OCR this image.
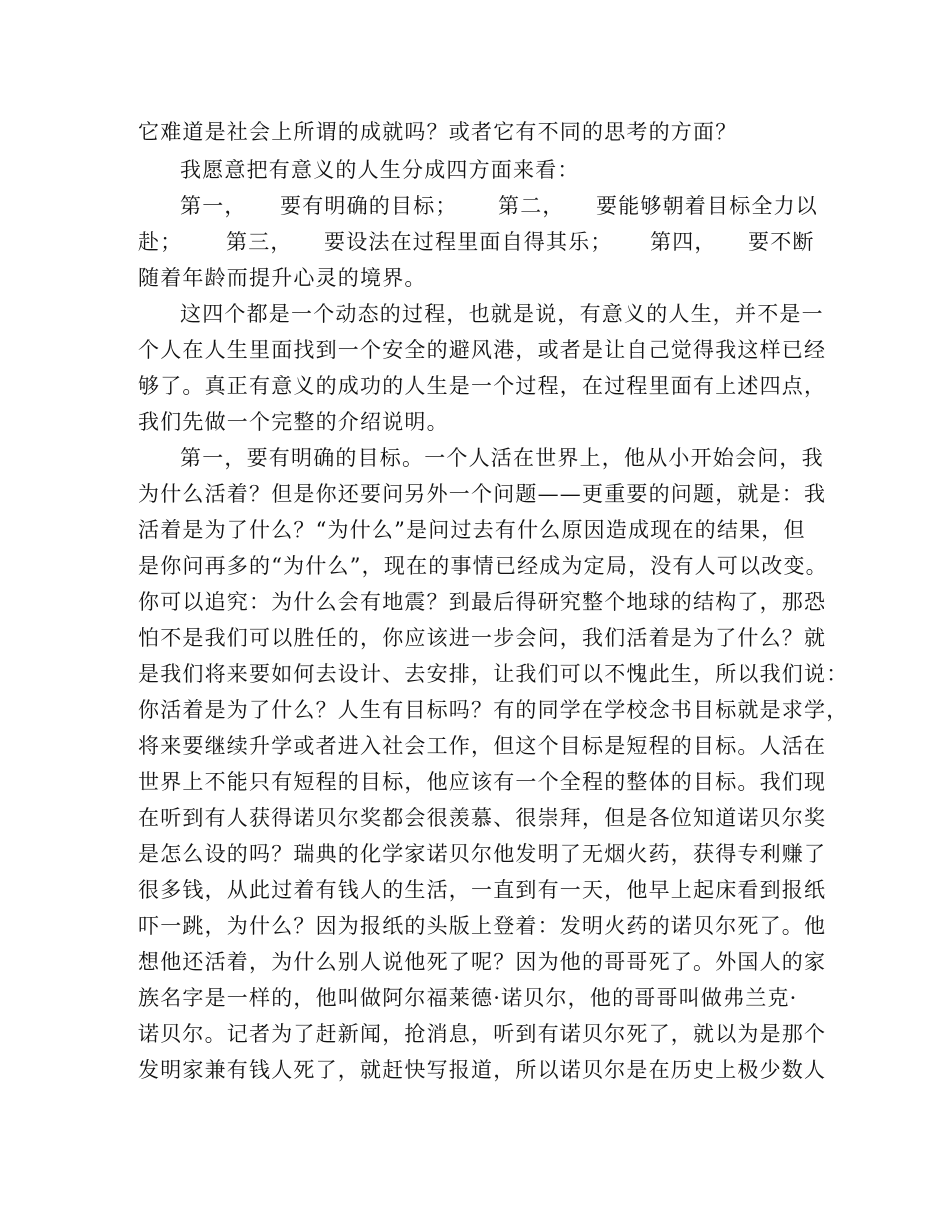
它难道是社会上所谓的成就吗？或者它有不同的思考的方面？
我愿意把有意义的人生分成四方面来看：
第一， 要有明确的目标； 第二， 要能够朝着目标全力以
赴； 第三， 要设法在过程里面自得其乐； 第四， 要不断
随着年龄而提升心灵的境界。
这四个都是一个动态的过程，也就是说，有意义的人生，并不是一
个人在人生里面找到一个安全的避风港，或者是让自己觉得我这样已经
够了。真正有意义的成功的人生是一个过程，在过程里面有上述四点，
我们先做一个完整的介绍说明。
第一，要有明确的目标。一个人活在世界上，他从小开始会问，我
为什么活着？但是你还要问另外一个问题——更重要的问题，就是：我
活着是为了什么？“为什么”是问过去有什么原因造成现在的结果，但
是你问再多的“为什么”，现在的事情已经成为定局，没有人可以改变。
你可以追究：为什么会有地震？到最后得研究整个地球的结构了，那恐
怕不是我们可以胜任的，你应该进一步会问，我们活着是为了什么？就
是我们将来要如何去设计、去安排，让我们可以不愧此生，所以我们说：
你活着是为了什么？人生有目标吗？有的同学在学校念书目标就是求学，
将来要继续升学或者进入社会工作，但这个目标是短程的目标。人活在
世界上不能只有短程的目标，他应该有一个全程的整体的目标。我们现
在听到有人获得诺贝尔奖都会很羡慕、很崇拜，但是各位知道诺贝尔奖
是怎么设的吗？瑞典的化学家诺贝尔他发明了无烟火药，获得专利赚了
很多钱，从此过着有钱人的生活，一直到有一天，他早上起床看到报纸
吓一跳，为什么？因为报纸的头版上登着：发明火药的诺贝尔死了。他
想他还活着，为什么别人说他死了呢？因为他的哥哥死了。外国人的家
族名字是一样的，他叫做阿尔福莱德·诺贝尔，他的哥哥叫做弗兰克·
诺贝尔。记者为了赶新闻，抢消息，听到有诺贝尔死了，就以为是那个
发明家兼有钱人死了，就赶快写报道，所以诺贝尔是在历史上极少数人
